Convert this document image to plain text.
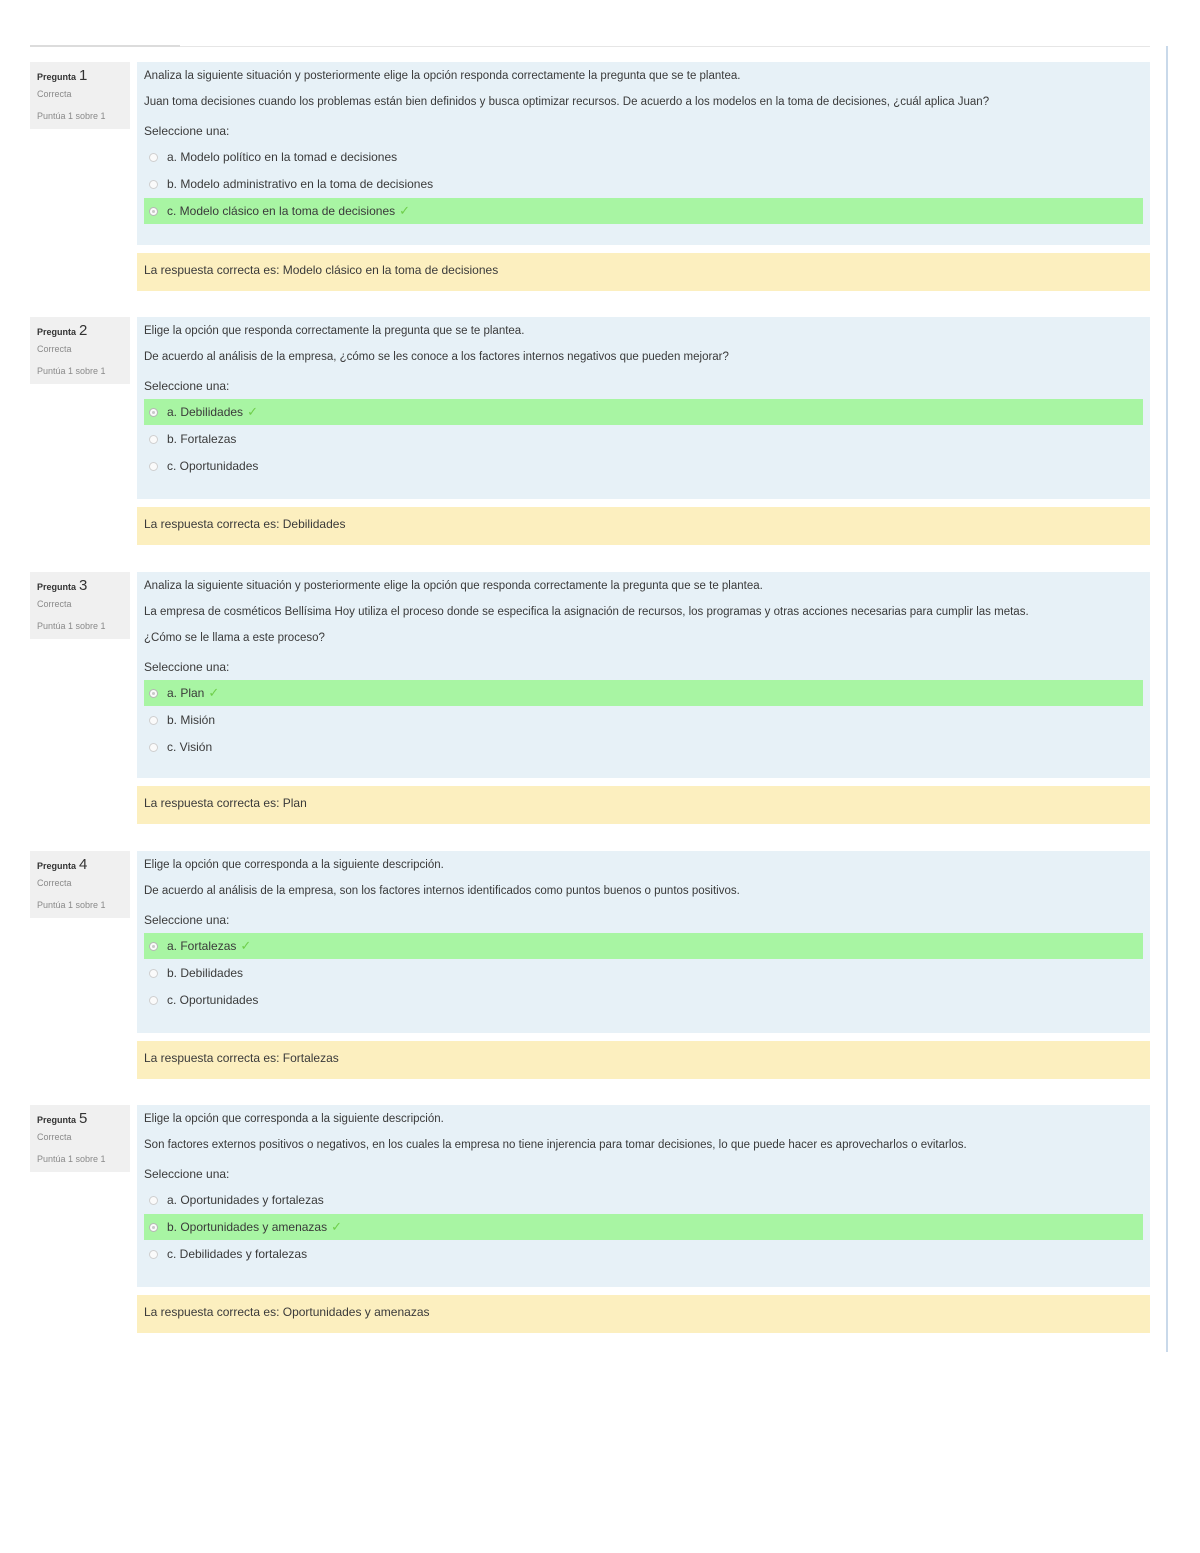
Pregunta 1
Correcta
Puntúa 1 sobre 1

Analiza la siguiente situación y posteriormente elige la opción responda correctamente la pregunta que se te plantea.

Juan toma decisiones cuando los problemas están bien definidos y busca optimizar recursos. De acuerdo a los modelos en la toma de decisiones, ¿cuál aplica Juan?

Seleccione una:
a. Modelo político en la tomad e decisiones
b. Modelo administrativo en la toma de decisiones
c. Modelo clásico en la toma de decisiones ✓
La respuesta correcta es: Modelo clásico en la toma de decisiones
Pregunta 2
Correcta
Puntúa 1 sobre 1

Elige la opción que responda correctamente la pregunta que se te plantea.

De acuerdo al análisis de la empresa, ¿cómo se les conoce a los factores internos negativos que pueden mejorar?

Seleccione una:
a. Debilidades ✓
b. Fortalezas
c. Oportunidades
La respuesta correcta es: Debilidades
Pregunta 3
Correcta
Puntúa 1 sobre 1

Analiza la siguiente situación y posteriormente elige la opción que responda correctamente la pregunta que se te plantea.

La empresa de cosméticos Bellísima Hoy utiliza el proceso donde se especifica la asignación de recursos, los programas y otras acciones necesarias para cumplir las metas.

¿Cómo se le llama a este proceso?

Seleccione una:
a. Plan ✓
b. Misión
c. Visión
La respuesta correcta es: Plan
Pregunta 4
Correcta
Puntúa 1 sobre 1

Elige la opción que corresponda a la siguiente descripción.

De acuerdo al análisis de la empresa, son los factores internos identificados como puntos buenos o puntos positivos.

Seleccione una:
a. Fortalezas ✓
b. Debilidades
c. Oportunidades
La respuesta correcta es: Fortalezas
Pregunta 5
Correcta
Puntúa 1 sobre 1

Elige la opción que corresponda a la siguiente descripción.

Son factores externos positivos o negativos, en los cuales la empresa no tiene injerencia para tomar decisiones, lo que puede hacer es aprovecharlos o evitarlos.

Seleccione una:
a. Oportunidades y fortalezas
b. Oportunidades y amenazas ✓
c. Debilidades y fortalezas
La respuesta correcta es: Oportunidades y amenazas
